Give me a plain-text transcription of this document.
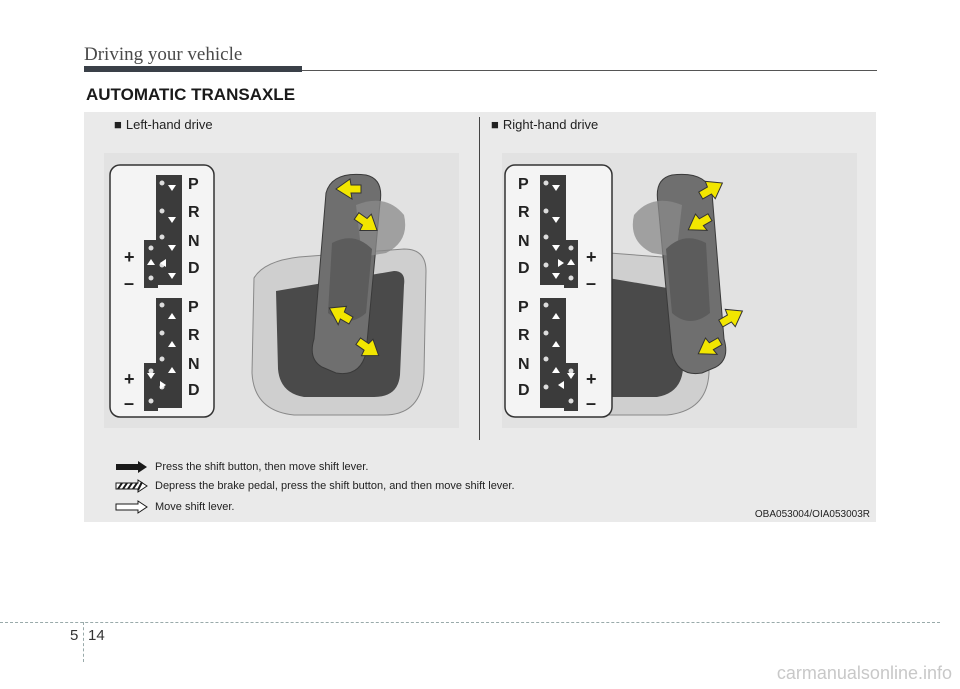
Driving your vehicle
AUTOMATIC TRANSAXLE
■ Left-hand drive	■ Right-hand drive
P
R
N
D
P
R
N
D
+
–
+
–
P
R
N
D
P
R
N
D
+
–
+
–
Press the shift button, then move shift lever.
Depress the brake pedal, press the shift button, and then move shift lever.
Move shift lever.
OBA053004/OIA053003R
5 14
carmanualsonline.info
